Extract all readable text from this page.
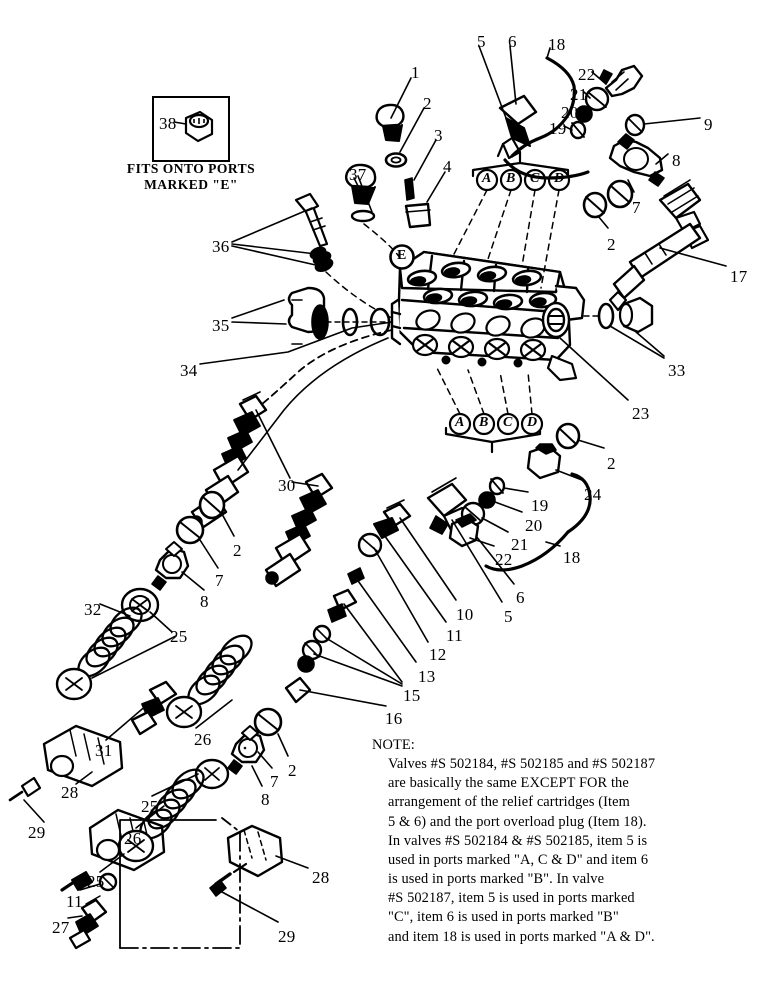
38
FITS ONTO PORTS
MARKED "E"	A B C D
A B C D
E
1
2
3
4
5 6 18
22
21
20
19	9
8
7
2
17
37
36
35
34	33
23
2
24
19
20
21
22	18
6
5
10
11
12
13
15
16
30
2
7
8
32
25
26
31
28
29
2
7
8
25
26
25
11
27
28
29
NOTE:
Valves #S 502184, #S 502185 and #S 502187
are basically the same EXCEPT FOR the
arrangement of the relief cartridges (Item
5 & 6) and the port overload plug (Item 18).
In valves #S 502184 & #S 502185, item 5 is
used in ports marked "A, C & D" and item 6
is used in ports marked "B". In valve
#S 502187, item 5 is used in ports marked
"C", item 6 is used in ports marked "B"
and item 18 is used in ports marked "A & D".
